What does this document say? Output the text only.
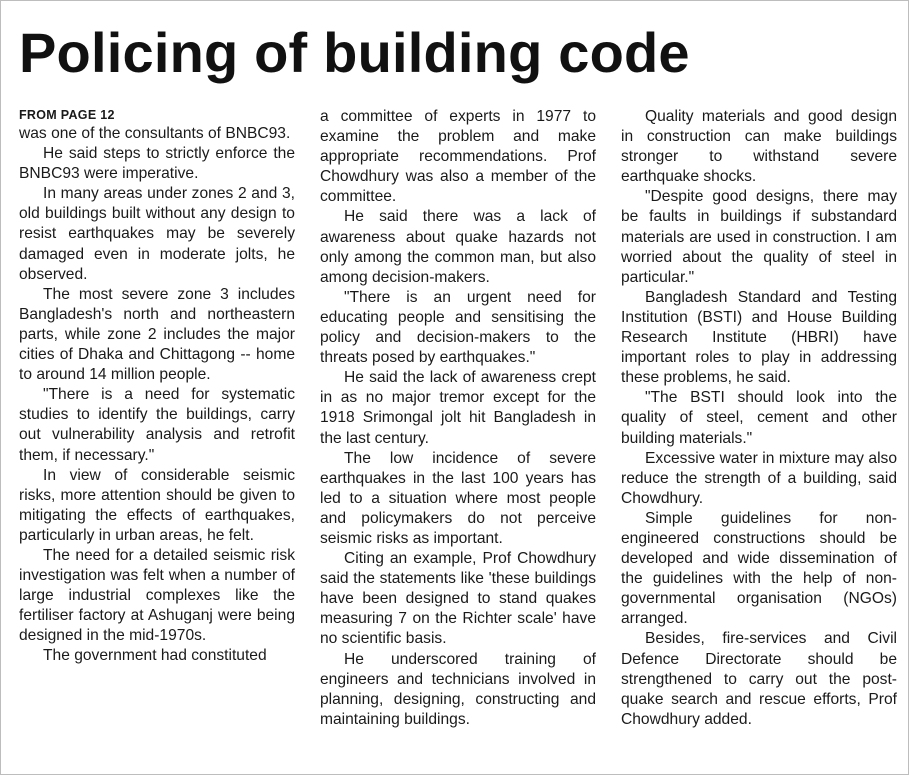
Policing of building code
FROM PAGE 12

was one of the consultants of BNBC93.

He said steps to strictly enforce the BNBC93 were imperative.

In many areas under zones 2 and 3, old buildings built without any design to resist earthquakes may be severely damaged even in moderate jolts, he observed.

The most severe zone 3 includes Bangladesh's north and northeastern parts, while zone 2 includes the major cities of Dhaka and Chittagong -- home to around 14 million people.

"There is a need for systematic studies to identify the buildings, carry out vulnerability analysis and retrofit them, if necessary."

In view of considerable seismic risks, more attention should be given to mitigating the effects of earthquakes, particularly in urban areas, he felt.

The need for a detailed seismic risk investigation was felt when a number of large industrial complexes like the fertiliser factory at Ashuganj were being designed in the mid-1970s.

The government had constituted

a committee of experts in 1977 to examine the problem and make appropriate recommendations. Prof Chowdhury was also a member of the committee.

He said there was a lack of awareness about quake hazards not only among the common man, but also among decision-makers.

"There is an urgent need for educating people and sensitising the policy and decision-makers to the threats posed by earthquakes."

He said the lack of awareness crept in as no major tremor except for the 1918 Srimongal jolt hit Bangladesh in the last century.

The low incidence of severe earthquakes in the last 100 years has led to a situation where most people and policymakers do not perceive seismic risks as important.

Citing an example, Prof Chowdhury said the statements like 'these buildings have been designed to stand quakes measuring 7 on the Richter scale' have no scientific basis.

He underscored training of engineers and technicians involved in planning, designing, constructing and maintaining buildings.

Quality materials and good design in construction can make buildings stronger to withstand severe earthquake shocks.

"Despite good designs, there may be faults in buildings if substandard materials are used in construction. I am worried about the quality of steel in particular."

Bangladesh Standard and Testing Institution (BSTI) and House Building Research Institute (HBRI) have important roles to play in addressing these problems, he said.

"The BSTI should look into the quality of steel, cement and other building materials."

Excessive water in mixture may also reduce the strength of a building, said Chowdhury.

Simple guidelines for non-engineered constructions should be developed and wide dissemination of the guidelines with the help of non-governmental organisation (NGOs) arranged.

Besides, fire-services and Civil Defence Directorate should be strengthened to carry out the post-quake search and rescue efforts, Prof Chowdhury added.
